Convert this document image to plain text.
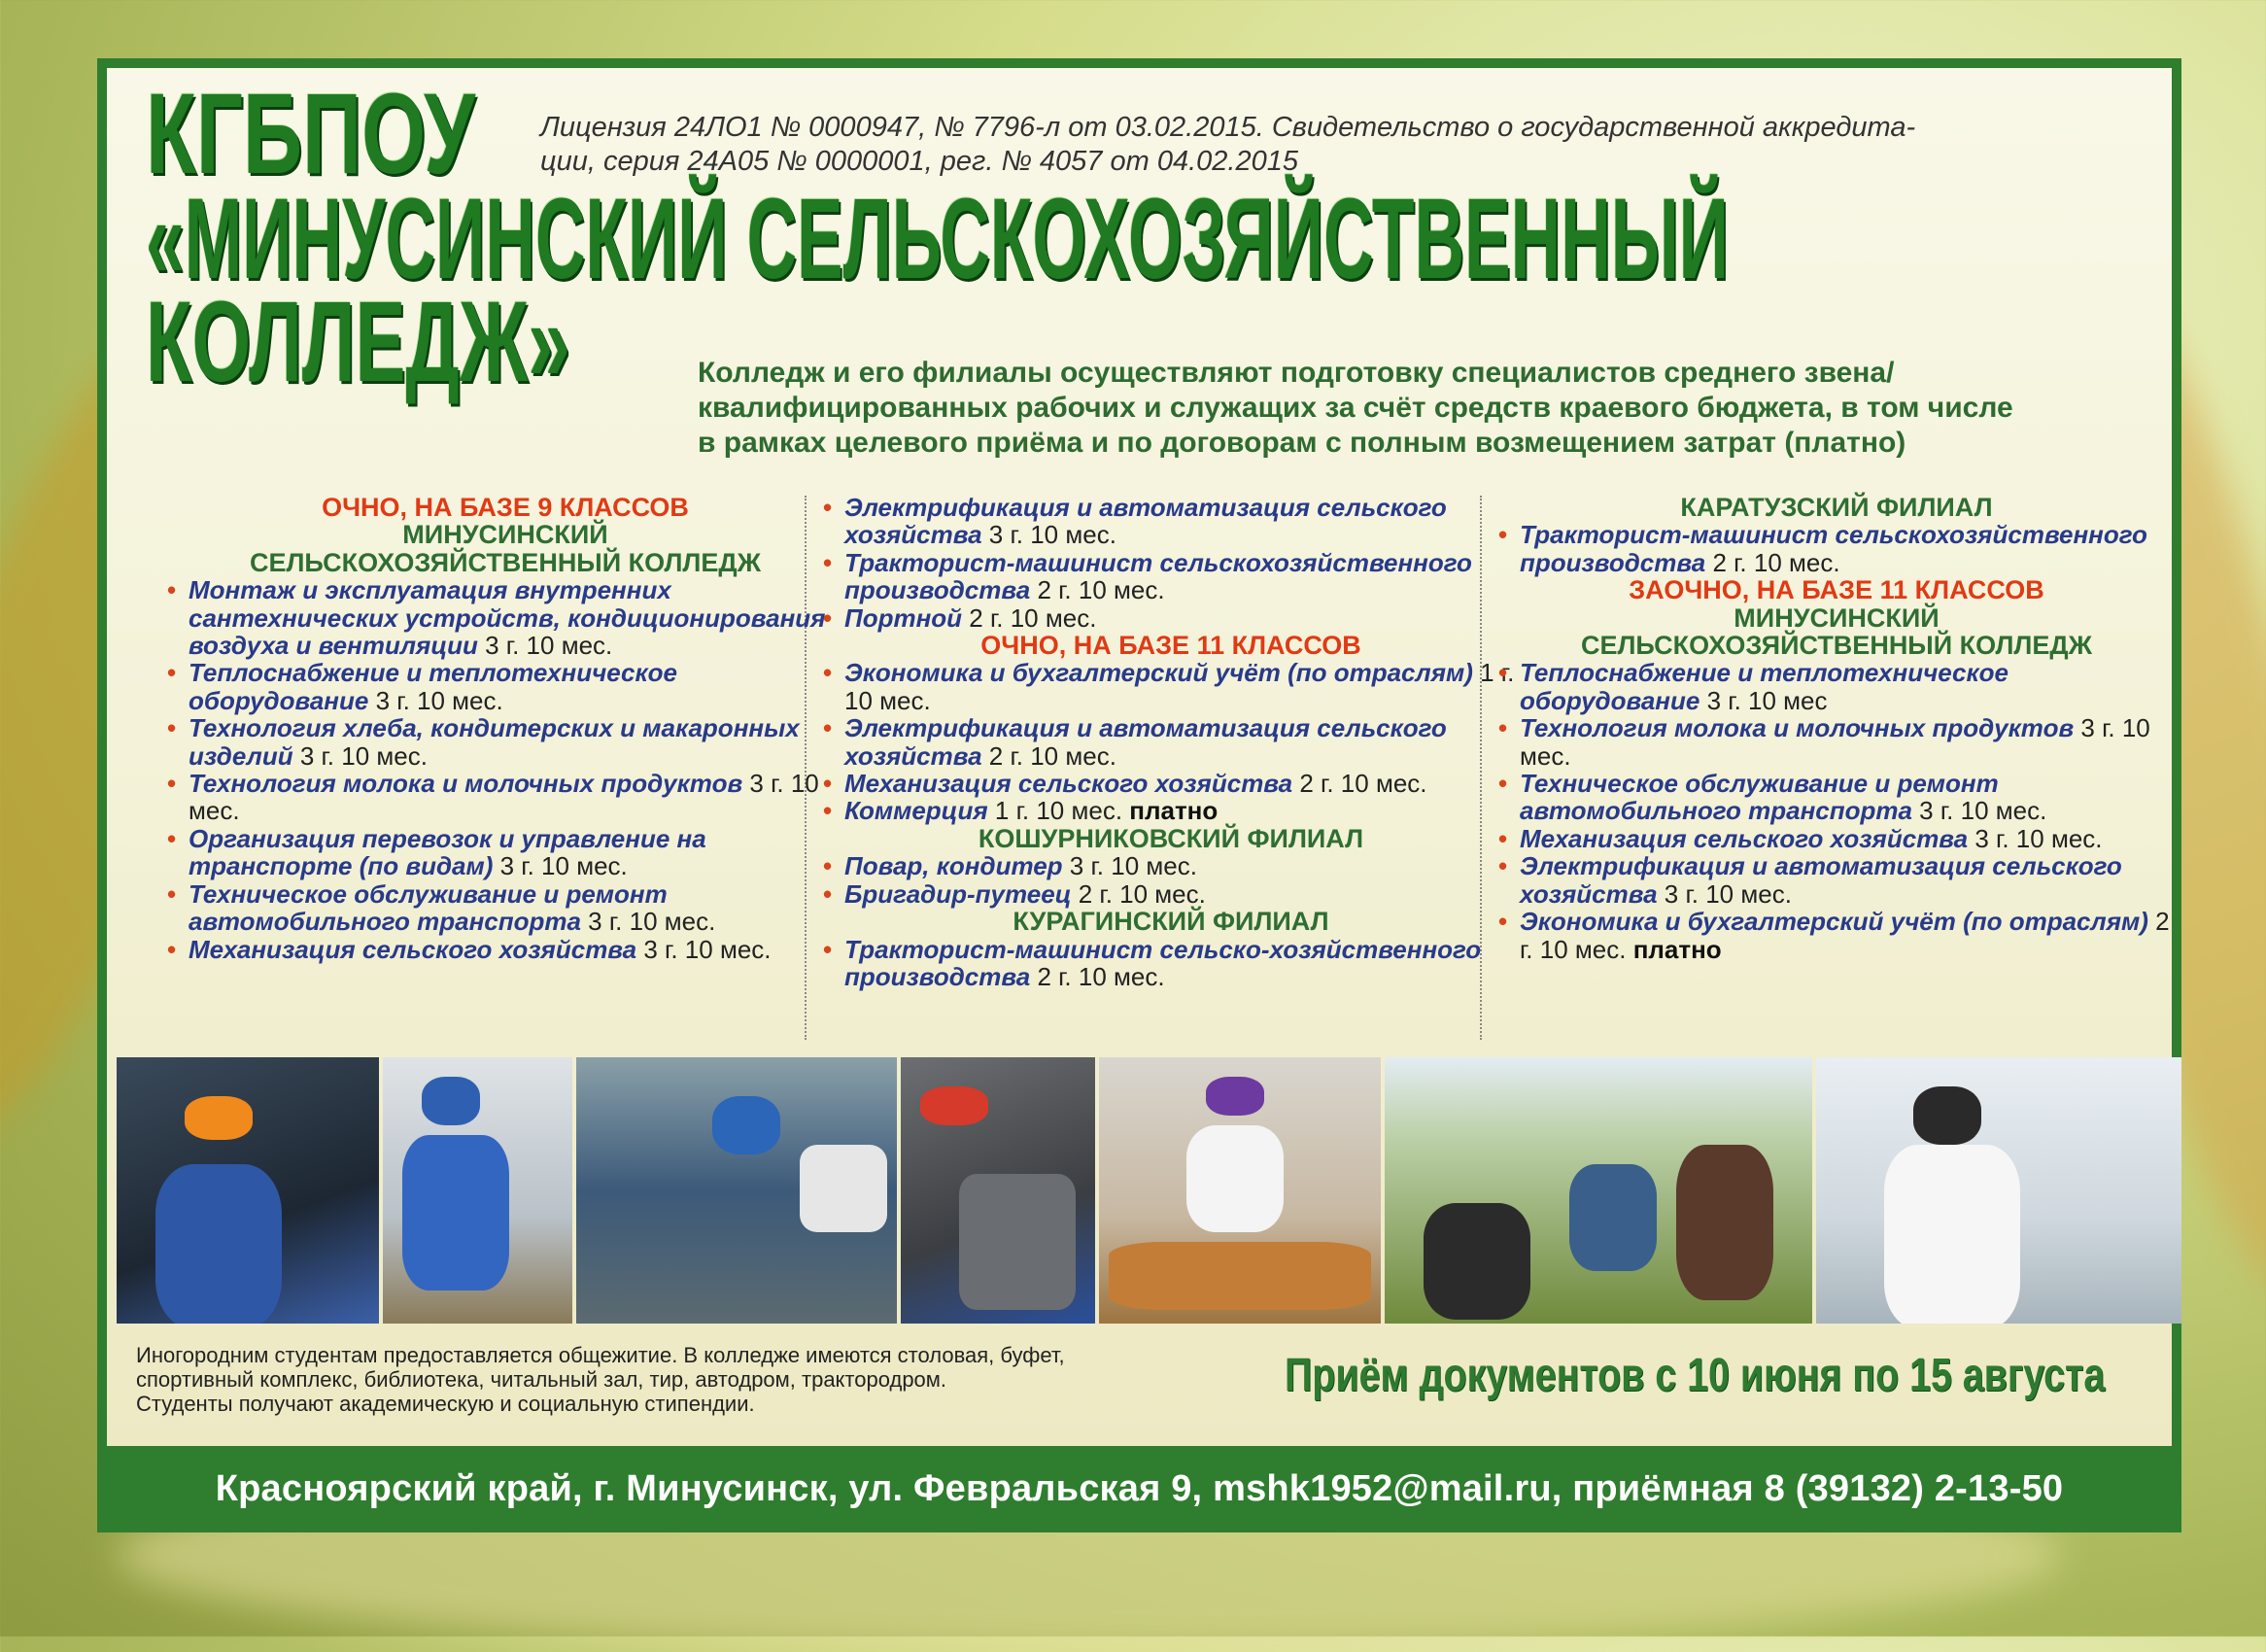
КГБПОУ
«МИНУСИНСКИЙ СЕЛЬСКОХОЗЯЙСТВЕННЫЙ
КОЛЛЕДЖ»
Лицензия 24ЛО1 № 0000947, № 7796-л от 03.02.2015. Свидетельство о государственной аккредита-
ции, серия 24А05 № 0000001, рег. № 4057 от 04.02.2015
Колледж и его филиалы осуществляют подготовку специалистов среднего звена/
квалифицированных рабочих и служащих за счёт средств краевого бюджета, в том числе
в рамках целевого приёма и по договорам с полным возмещением затрат (платно)
ОЧНО, НА БАЗЕ 9 КЛАССОВ
МИНУСИНСКИЙ
СЕЛЬСКОХОЗЯЙСТВЕННЫЙ КОЛЛЕДЖ
• Монтаж и эксплуатация внутренних сантехнических устройств, кондиционирования воздуха и вентиляции 3 г. 10 мес.
• Теплоснабжение и теплотехническое оборудование 3 г. 10 мес.
• Технология хлеба, кондитерских и макаронных изделий 3 г. 10 мес.
• Технология молока и молочных продуктов 3 г. 10 мес.
• Организация перевозок и управление на транспорте (по видам) 3 г. 10 мес.
• Техническое обслуживание и ремонт автомобильного транспорта 3 г. 10 мес.
• Механизация сельского хозяйства 3 г. 10 мес.
• Электрификация и автоматизация сельского хозяйства 3 г. 10 мес.
• Тракторист-машинист сельскохозяйственного производства 2 г. 10 мес.
• Портной 2 г. 10 мес.
ОЧНО, НА БАЗЕ 11 КЛАССОВ
• Экономика и бухгалтерский учёт (по отраслям) 1 г. 10 мес.
• Электрификация и автоматизация сельского хозяйства 2 г. 10 мес.
• Механизация сельского хозяйства 2 г. 10 мес.
• Коммерция 1 г. 10 мес. платно
КОШУРНИКОВСКИЙ ФИЛИАЛ
• Повар, кондитер 3 г. 10 мес.
• Бригадир-путеец 2 г. 10 мес.
КУРАГИНСКИЙ ФИЛИАЛ
• Тракторист-машинист сельско-хозяйственного производства 2 г. 10 мес.
КАРАТУЗСКИЙ ФИЛИАЛ
• Тракторист-машинист сельскохозяйственного производства 2 г. 10 мес.
ЗАОЧНО, НА БАЗЕ 11 КЛАССОВ
МИНУСИНСКИЙ
СЕЛЬСКОХОЗЯЙСТВЕННЫЙ КОЛЛЕДЖ
• Теплоснабжение и теплотехническое оборудование 3 г. 10 мес
• Технология молока и молочных продуктов 3 г. 10 мес.
• Техническое обслуживание и ремонт автомобильного транспорта 3 г. 10 мес.
• Механизация сельского хозяйства 3 г. 10 мес.
• Электрификация и автоматизация сельского хозяйства 3 г. 10 мес.
• Экономика и бухгалтерский учёт (по отраслям) 2 г. 10 мес. платно
Иногородним студентам предоставляется общежитие. В колледже имеются столовая, буфет,
спортивный комплекс, библиотека, читальный зал, тир, автодром, трактородром.
Студенты получают академическую и социальную стипендии.
Приём документов с 10 июня по 15 августа
Красноярский край, г. Минусинск, ул. Февральская 9, mshk1952@mail.ru, приёмная 8 (39132) 2-13-50
